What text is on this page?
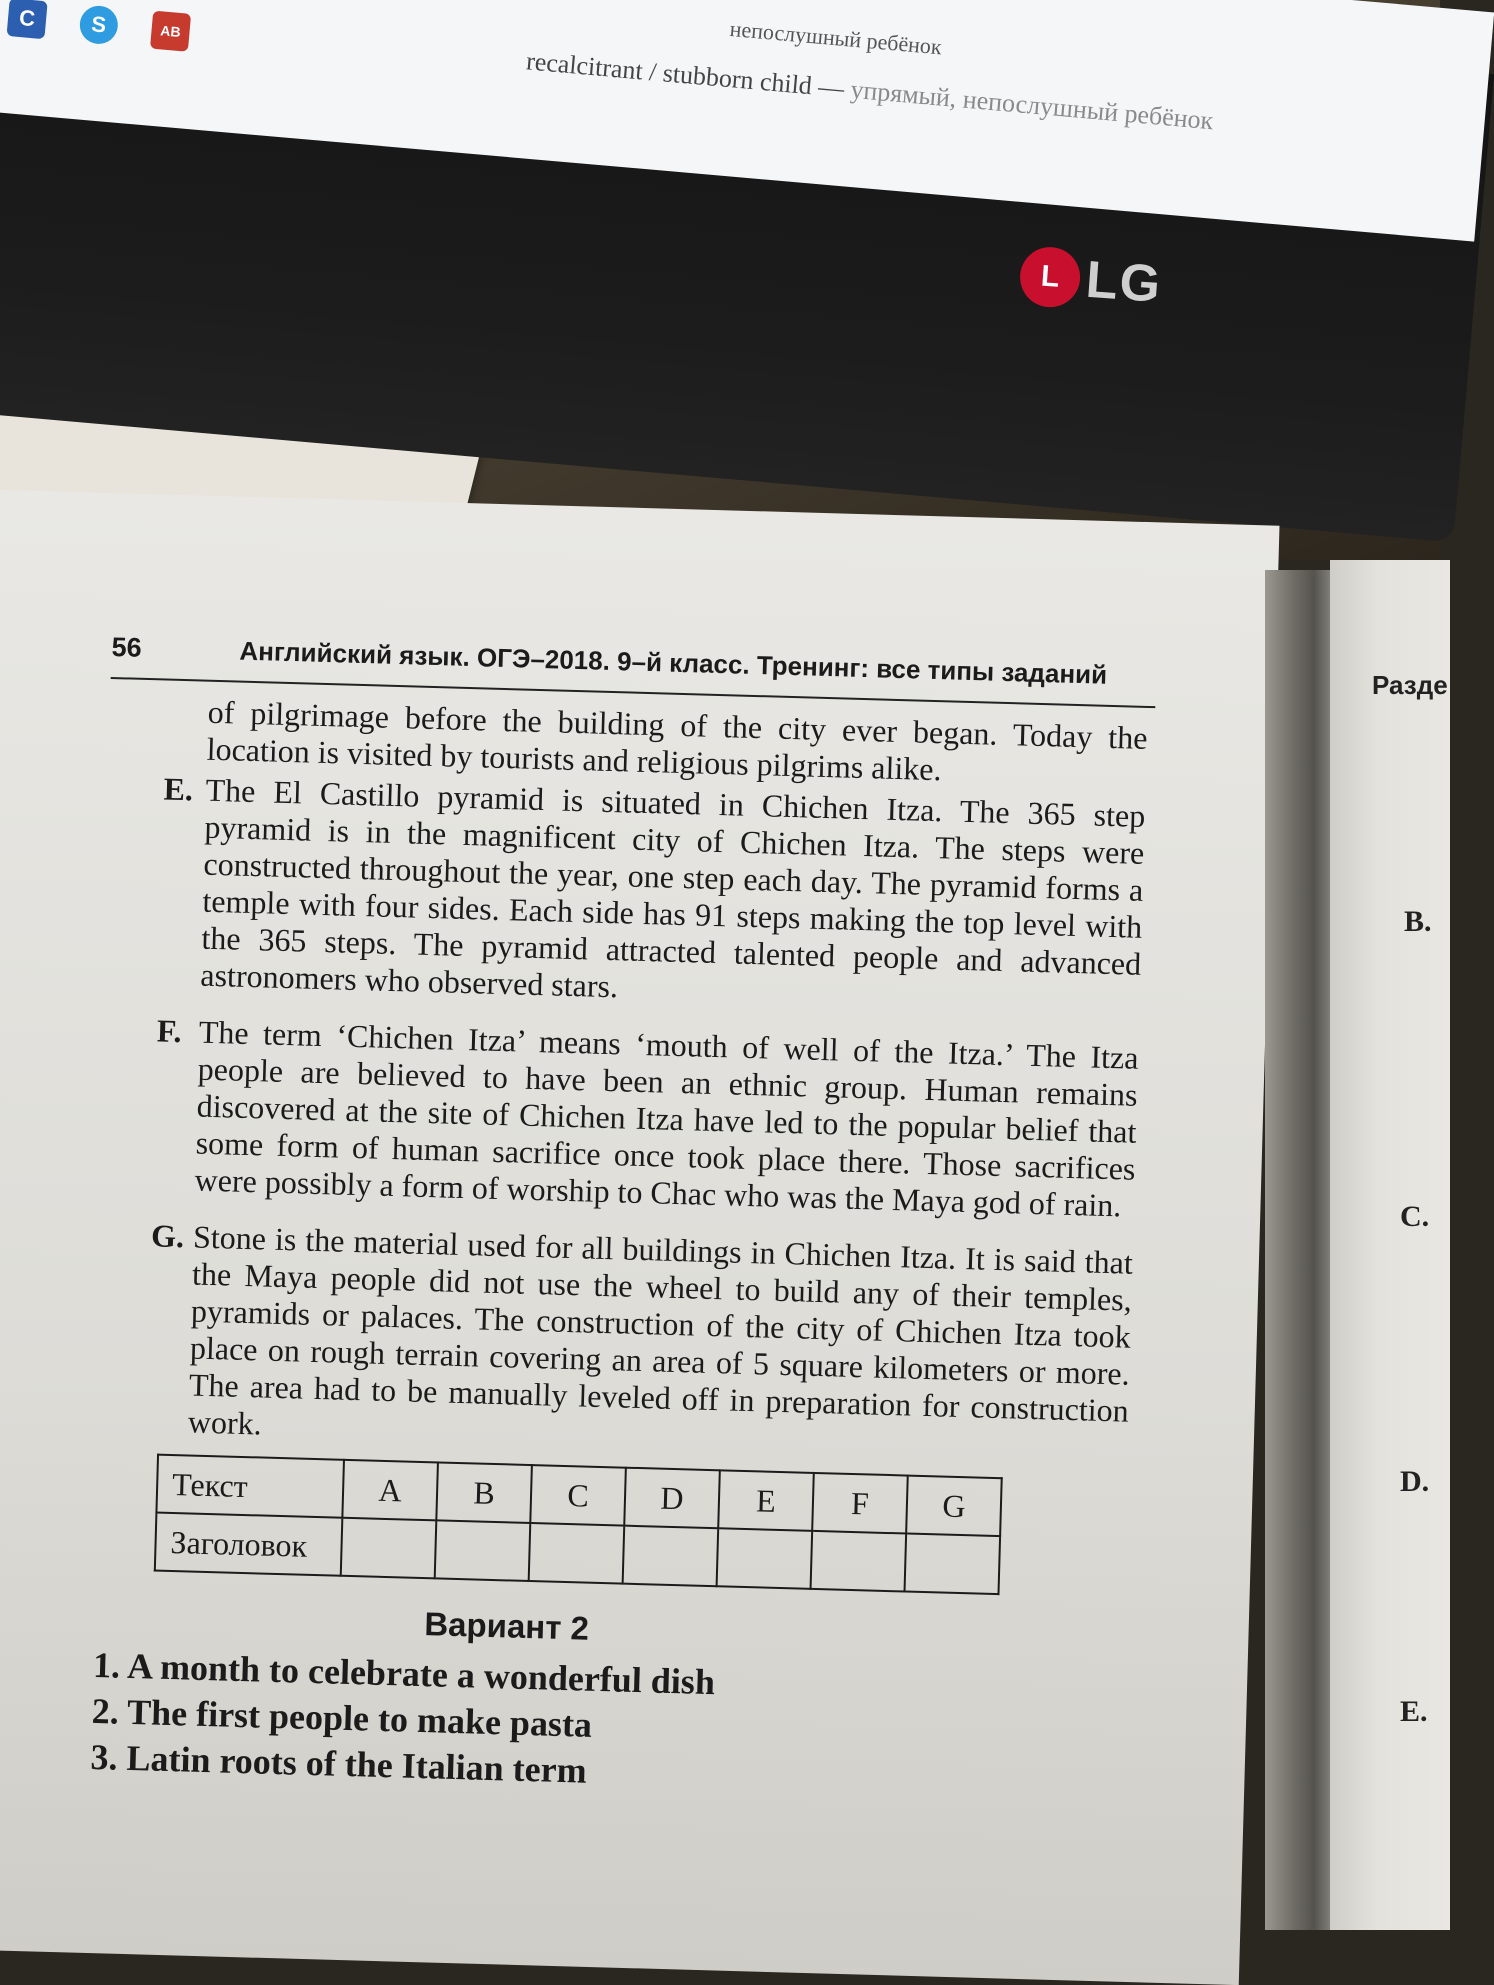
C	S	AB	непослушный ребёнок
recalcitrant / stubborn child — упрямый, непослушный ребёнок
L LG
Разде
B.
C.
D.
E.
56	Английский язык. ОГЭ–2018. 9–й класс. Тренинг: все типы заданий

of pilgrimage before the building of the city ever began. Today the location is visited by tourists and religious pilgrims alike.

E. The El Castillo pyramid is situated in Chichen Itza. The 365 step pyramid is in the magnificent city of Chichen Itza. The steps were constructed throughout the year, one step each day. The pyramid forms a temple with four sides. Each side has 91 steps making the top level with the 365 steps. The pyramid attracted talented people and advanced astronomers who observed stars.
F. The term ‘Chichen Itza’ means ‘mouth of well of the Itza.’ The Itza people are believed to have been an ethnic group. Human remains discovered at the site of Chichen Itza have led to the popular belief that some form of human sacrifice once took place there. Those sacrifices were possibly a form of worship to Chac who was the Maya god of rain.
G. Stone is the material used for all buildings in Chichen Itza. It is said that the Maya people did not use the wheel to build any of their temples, pyramids or palaces. The construction of the city of Chichen Itza took place on rough terrain covering an area of 5 square kilometers or more. The area had to be manually leveled off in preparation for construction work.
Текст	A	B	C	D	E	F	G
Заголовок							
Вариант 2
1. A month to celebrate a wonderful dish
2. The first people to make pasta
3. Latin roots of the Italian term
